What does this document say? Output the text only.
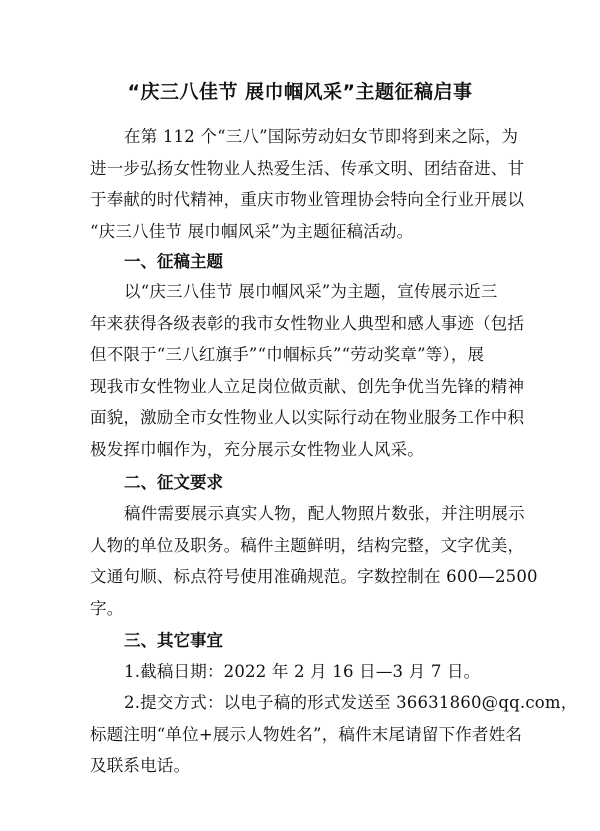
“庆三八佳节 展巾帼风采”主题征稿启事
在第 112 个“三八”国际劳动妇女节即将到来之际，为
进一步弘扬女性物业人热爱生活、传承文明、团结奋进、甘
于奉献的时代精神，重庆市物业管理协会特向全行业开展以
“庆三八佳节 展巾帼风采”为主题征稿活动。
一、征稿主题
以“庆三八佳节 展巾帼风采”为主题，宣传展示近三
年来获得各级表彰的我市女性物业人典型和感人事迹（包括
但不限于“三八红旗手”“巾帼标兵”“劳动奖章”等），展
现我市女性物业人立足岗位做贡献、创先争优当先锋的精神
面貌，激励全市女性物业人以实际行动在物业服务工作中积
极发挥巾帼作为，充分展示女性物业人风采。
二、征文要求
稿件需要展示真实人物，配人物照片数张，并注明展示
人物的单位及职务。稿件主题鲜明，结构完整，文字优美，
文通句顺、标点符号使用准确规范。字数控制在 600—2500
字。
三、其它事宜
1.截稿日期：2022 年 2 月 16 日—3 月 7 日。
2.提交方式：以电子稿的形式发送至 36631860@qq.com，
标题注明“单位+展示人物姓名”，稿件末尾请留下作者姓名
及联系电话。
